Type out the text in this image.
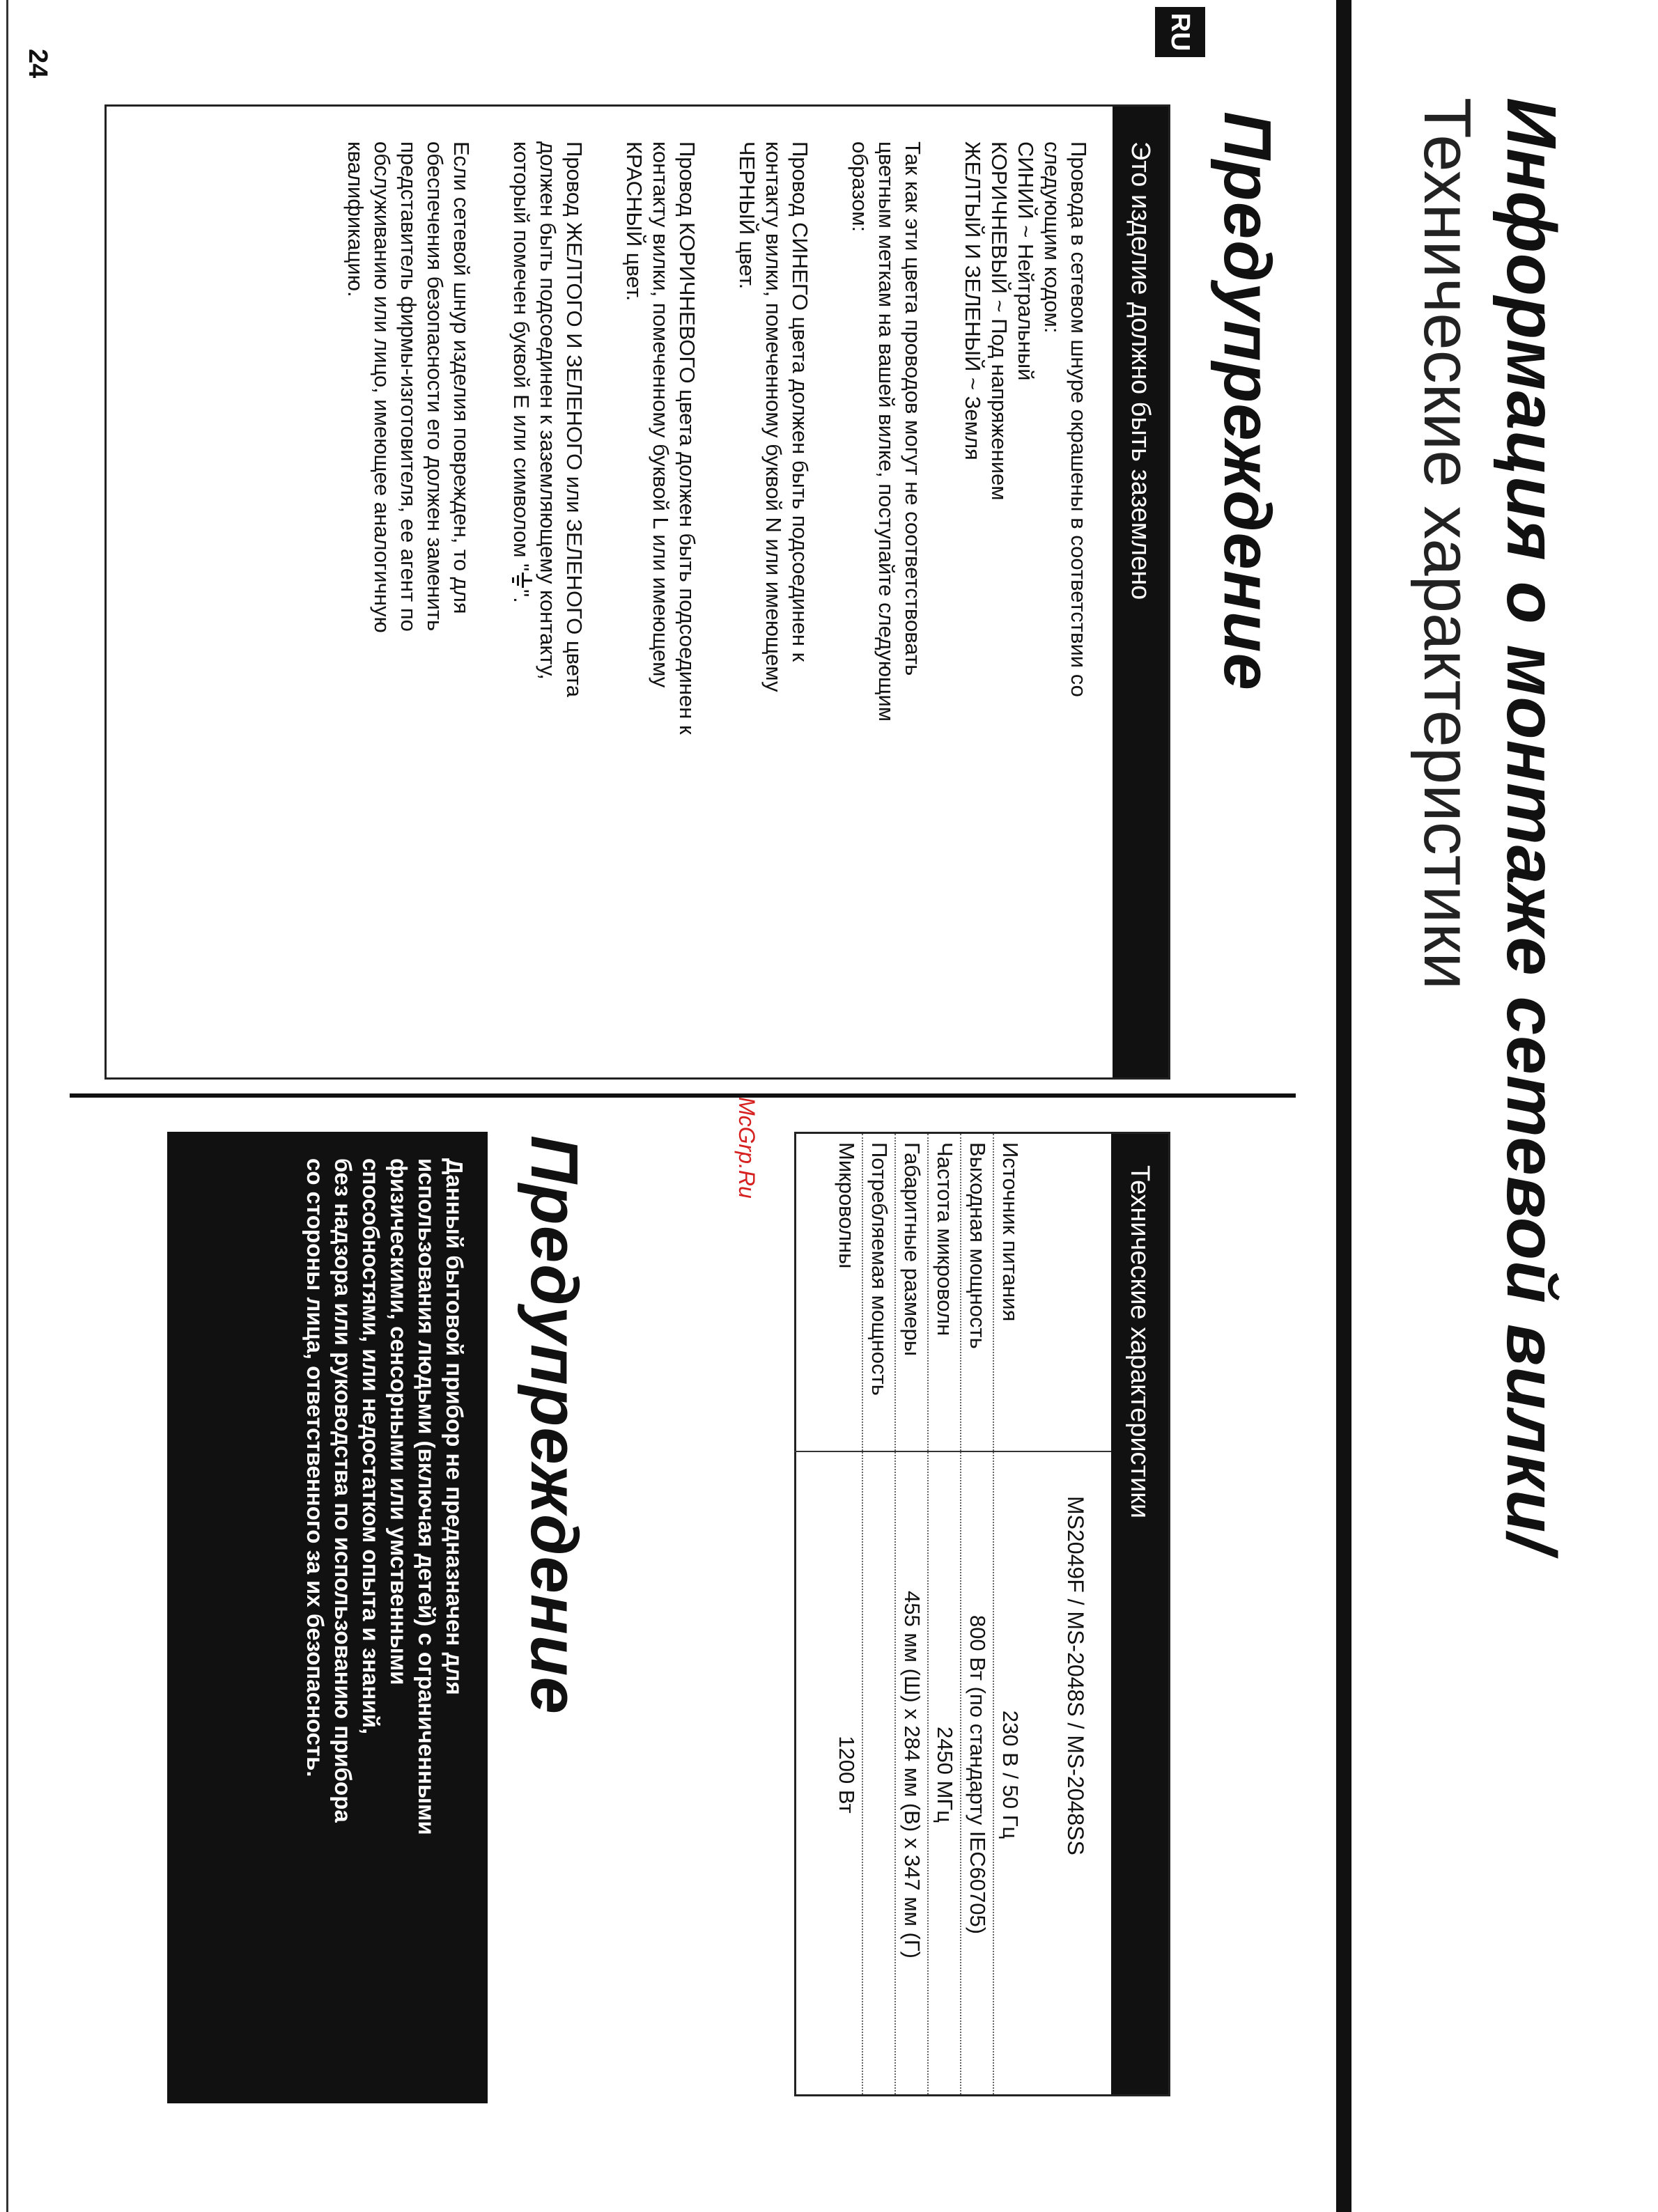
Информация о монтаже сетевой вилки/
Технические характеристики
McGrp.Ru
RU
24
Предупреждение
Это изделие должно быть заземлено

Провода в сетевом шнуре окрашены в соответствии со
следующим кодом:
СИНИЙ ~ Нейтральный
КОРИЧНЕВЫЙ ~ Под напряжением
ЖЕЛТЫЙ И ЗЕЛЕНЫЙ ~ Земля

Так как эти цвета проводов могут не соответствовать
цветным меткам на вашей вилке, поступайте следующим
образом:

Провод СИНЕГО цвета должен быть подсоединен к
контакту вилки, помеченному буквой N или имеющему
ЧЕРНЫЙ цвет.

Провод КОРИЧНЕВОГО цвета должен быть подсоединен к
контакту вилки, помеченному буквой L или имеющему
КРАСНЫЙ цвет.

Провод ЖЕЛТОГО И ЗЕЛЕНОГО или ЗЕЛЕНОГО цвета
должен быть подсоединен к заземляющему контакту,
который помечен буквой E или символом "
".

Если сетевой шнур изделия поврежден, то для
обеспечения безопасности его должен заменить
представитель фирмы-изготовителя, ее агент по
обслуживанию или лицо, имеющее аналогичную
квалификацию.

Технические характеристики
MS2049F / MS-2048S / MS-2048SS
Источник питания
230 В / 50 Гц
Выходная мощность
800 Вт (по стандарту IEC60705)
Частота микроволн
2450 МГц
Габаритные размеры
455 мм (Ш) x 284 мм (В) x 347 мм (Г)
Потребляемая мощность
Микроволны
1200 Вт
Предупреждение
Данный бытовой прибор не предназначен для
использования людьми (включая детей) с ограниченными
физическими, сенсорными или умственными
способностями, или недостатком опыта и знаний,
без надзора или руководства по использованию прибора
со стороны лица, ответственного за их безопасность.
